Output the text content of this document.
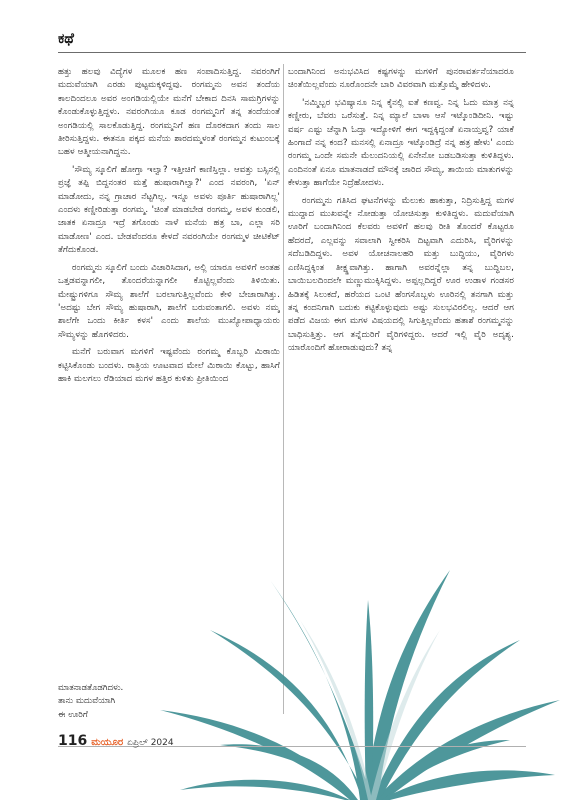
ಕಥೆ

ಹತ್ತು ಹಲವು ವಿದ್ಯೆಗಳ ಮೂಲಕ ಹಣ ಸಂಪಾದಿಸುತ್ತಿದ್ದ. ನವರಂಗಿಗೆ ಮದುವೆಯಾಗಿ ಎರಡು ಪುಟ್ಟಮಕ್ಕಳಿದ್ದವು. ರಂಗಮ್ಮನು ಅವನ ತಂದೆಯ ಕಾಲದಿಂದಲೂ ಅವರ ಅಂಗಡಿಯಲ್ಲಿಯೇ ಮನೆಗೆ ಬೇಕಾದ ದಿನಸಿ ಸಾಮಗ್ರಿಗಳನ್ನು ಕೊಂಡುಕೊಳ್ಳುತ್ತಿದ್ದಳು. ನವರಂಗಿಯೂ ಕೂಡ ರಂಗಮ್ಮನಿಗೆ ತನ್ನ ತಂದೆಯಂತೆ ಅಂಗಡಿಯಲ್ಲಿ ಸಾಲಕೊಡುತ್ತಿದ್ದ. ರಂಗಮ್ಮನಿಗೆ ಹಣ ದೊರಕದಾಗ ತಂದು ಸಾಲ ತೀರಿಸುತ್ತಿದ್ದಳು. ಈತನೂ ಪಕ್ಕದ ಮನೆಯ ಶಾರದಮ್ಮಳಂತೆ ರಂಗಮ್ಮನ ಕುಟುಂಬಕ್ಕೆ ಬಹಳ ಆತ್ಮೀಯನಾಗಿದ್ದನು.

'ಸೌಮ್ಯ ಸ್ಕೂಲಿಗೆ ಹೋಗ್ತಾ ಇಲ್ವಾ? ಇತ್ತೀಚಿಗೆ ಕಾಣಿಸ್ತಿಲ್ಲಾ. ಆವತ್ತು ಬಸ್ಸಿನಲ್ಲಿ ಪ್ರಜ್ಞೆ ತಪ್ಪಿ ಬಿದ್ದನಂತರ ಮತ್ತೆ ಹುಷಾರಾಗಿಲ್ವಾ?' ಎಂದ ನವರಂಗಿ, 'ಏನ್ ಮಾಡೋದು, ನನ್ನ ಗ್ರಾಚಾರ ನೆಟ್ಟಗಿಲ್ಲ. ಇನ್ನೂ ಅವಳು ಪೂರ್ತಿ ಹುಷಾರಾಗಿಲ್ಲ' ಎಂದಳು ಕಣ್ಣೀರಿಡುತ್ತಾ ರಂಗಮ್ಮ. 'ಚಿಂತೆ ಮಾಡಬೇಡ ರಂಗಮ್ಮ, ಅವಳ ಕುಂಡಲಿ, ಜಾತಕ ಏನಾದ್ರೂ ಇದ್ರೆ ತಗೊಂಡು ನಾಳೆ ಮನೆಯ ಹತ್ರ ಬಾ, ಎಲ್ಲಾ ಸರಿ ಮಾಡೋಣ' ಎಂದ. ಬೇಡವೆಂದರೂ ಕೇಳದೆ ನವರಂಗಿಯೇ ರಂಗಮ್ಮಳ ಚೀಟಿಕೆಟ್ ತೆಗೆದುಕೊಂಡ.

ರಂಗಮ್ಮನು ಸ್ಕೂಲಿಗೆ ಬಂದು ವಿಚಾರಿಸಿದಾಗ, ಅಲ್ಲಿ ಯಾರೂ ಅವಳಿಗೆ ಅಂತಹ ಒತ್ತಡವನ್ನಾಗಲೀ, ತೊಂದರೆಯನ್ನಾಗಲೀ ಕೊಟ್ಟಿಲ್ಲವೆಂದು ತಿಳಿಯಿತು. ಮೇಷ್ಟ್ರುಗಳಿಗೂ ಸೌಮ್ಯ ಶಾಲೆಗೆ ಬರಲಾಗುತ್ತಿಲ್ಲವೆಂದು ಕೇಳಿ ಬೇಜಾರಾಗಿತ್ತು. 'ಅದಷ್ಟು ಬೇಗ ಸೌಮ್ಯ ಹುಷಾರಾಗಿ, ಶಾಲೆಗೆ ಬರುವಂತಾಗಲಿ. ಅವಳು ನಮ್ಮ ಶಾಲೆಗೇ ಒಂದು ಕೀರ್ತಿ ಕಳಸ' ಎಂದು ಶಾಲೆಯ ಮುಖ್ಯೋಪಾಧ್ಯಾಯರು ಸೌಮ್ಯಳನ್ನು ಹೊಗಳಿದರು.

ಮನೆಗೆ ಬರುವಾಗ ಮಗಳಿಗೆ ಇಷ್ಟವೆಂದು ರಂಗಮ್ಮ ಕೊಬ್ಬರಿ ಮಿಠಾಯಿ ಕಟ್ಟಿಸಿಕೊಂಡು ಬಂದಳು. ರಾತ್ರಿಯ ಊಟವಾದ ಮೇಲೆ ಮಿಠಾಯಿ ಕೊಟ್ಟು, ಹಾಸಿಗೆ ಹಾಕಿ ಮಲಗಲು ರೆಡಿಯಾದ ಮಗಳ ಹತ್ತಿರ ಕುಳಿತು ಪ್ರೀತಿಯಿಂದ

ಮಾತನಾಡತೊಡಗಿದಳು.
ತಾನು ಮದುವೆಯಾಗಿ
ಈ ಊರಿಗೆ

ಬಂದಾಗಿನಿಂದ ಅನುಭವಿಸಿದ ಕಷ್ಟಗಳನ್ನು ಮಗಳಿಗೆ ಪುನರಾವರ್ತನೆಯಾದರೂ ಚಿಂತೆಯಿಲ್ಲವೆಂದು ನೂರೊಂದನೇ ಬಾರಿ ವಿವರವಾಗಿ ಮತ್ತೊಮ್ಮೆ ಹೇಳಿದಳು.

'ನಮ್ಮಿಬ್ಬರ ಭವಿಷ್ಯಾನೂ ನಿನ್ನ ಕೈನಲ್ಲಿ ಐತೆ ಕಣವ್ವ. ನಿನ್ನ ಓದು ಮಾತ್ರ ನನ್ನ ಕಣ್ಣೀರು, ಬೆವರು ಒರೆಸುತ್ತೆ. ನಿನ್ನ ಮ್ಯಾಲೆ ಬಾಳಾ ಆಸೆ ಇಟ್ಕೊಂಡಿದೀನಿ. ಇಷ್ಟು ವರ್ಷ ಎಷ್ಟು ಚೆನ್ನಾಗಿ ಓದ್ತಾ ಇದ್ಯೋಳಿಗೆ ಈಗ ಇದ್ದಕ್ಕಿದ್ದಂತೆ ಏನಾಯ್ತವ್ವ? ಯಾಕೆ ಹಿಂಗಾದೆ ನನ್ನ ಕಂದ? ಮನಸಲ್ಲಿ ಏನಾದ್ರೂ ಇಟ್ಕೊಂಡಿದ್ರೆ ನನ್ನ ಹತ್ರ ಹೇಳು' ಎಂದು ರಂಗಮ್ಮ ಒಂದೇ ಸಮನೇ ಮೆಲುದನಿಯಲ್ಲಿ ಏನೇನೋ ಬಡಬಡಿಸುತ್ತಾ ಕುಳಿತಿದ್ದಳು. ಎಂದಿನಂತೆ ಏನೂ ಮಾತನಾಡದೆ ಮೌನಕ್ಕೆ ಜಾರಿದ ಸೌಮ್ಯ, ತಾಯಿಯ ಮಾತುಗಳನ್ನು ಕೇಳುತ್ತಾ ಹಾಗೆಯೇ ನಿದ್ರೆಹೋದಳು.

ರಂಗಮ್ಮನು ಗತಿಸಿದ ಘಟನೆಗಳನ್ನು ಮೆಲುಕು ಹಾಕುತ್ತಾ, ನಿದ್ರಿಸುತ್ತಿದ್ದ ಮಗಳ ಮುದ್ದಾದ ಮುಖವನ್ನೇ ನೋಡುತ್ತಾ ಯೋಚಿಸುತ್ತಾ ಕುಳಿತಿದ್ದಳು. ಮದುವೆಯಾಗಿ ಊರಿಗೆ ಬಂದಾಗಿನಿಂದ ಕೆಲವರು ಅವಳಿಗೆ ಹಲವು ರೀತಿ ತೊಂದರೆ ಕೊಟ್ಟರೂ ಹೆದರದೆ, ಎಲ್ಲವನ್ನು ಸವಾಲಾಗಿ ಸ್ವೀಕರಿಸಿ ದಿಟ್ಟವಾಗಿ ಎದುರಿಸಿ, ವೈರಿಗಳನ್ನು ಸದೆಬಡಿದಿದ್ದಳು. ಅವಳ ಯೋಚನಾಲಹರಿ ಮತ್ತು ಬುದ್ಧಿಯು, ವೈರಿಗಳು ಎಣಿಸಿದ್ದಕ್ಕಿಂತ ತೀಕ್ಷ್ಣವಾಗಿತ್ತು. ಹಾಗಾಗಿ ಅವರನ್ನೆಲ್ಲಾ ತನ್ನ ಬುದ್ಧಿಬಲ, ಬಾಯಿಬಲದಿಂದಲೇ ಮಣ್ಣುಮುಕ್ಕಿಸಿದ್ದಳು. ಅಪ್ಪಲ್ಲದಿದ್ದರೆ ಊರ ಉಡಾಳ ಗಂಡಸರ ಹಿಡಿತಕ್ಕೆ ಸಿಲುಕದೆ, ಹರೆಯದ ಒಂಟಿ ಹೆಂಗಸೊಬ್ಬಳು ಊರಿನಲ್ಲಿ ತನಗಾಗಿ ಮತ್ತು ತನ್ನ ಕಂದನಿಗಾಗಿ ಬದುಕು ಕಟ್ಟಿಕೊಳ್ಳುವುದು ಅಷ್ಟು ಸುಲಭವಿರಲಿಲ್ಲ. ಆದರೆ ಆಗ ಪಡೆದ ವಿಜಯ ಈಗ ಮಗಳ ವಿಷಯದಲ್ಲಿ ಸಿಗುತ್ತಿಲ್ಲವೆಂದು ಹತಾಶೆ ರಂಗಮ್ಮನನ್ನು ಬಾಧಿಸುತ್ತಿತ್ತು. ಆಗ ತನ್ನೆದುರಿಗೆ ವೈರಿಗಳಿದ್ದರು. ಆದರೆ ಇಲ್ಲಿ ವೈರಿ ಅದೃಶ್ಯ. ಯಾರೊಂದಿಗೆ ಹೋರಾಡುವುದು? ತನ್ನ

116 ಮಯೂರ ಏಪ್ರಿಲ್ 2024
